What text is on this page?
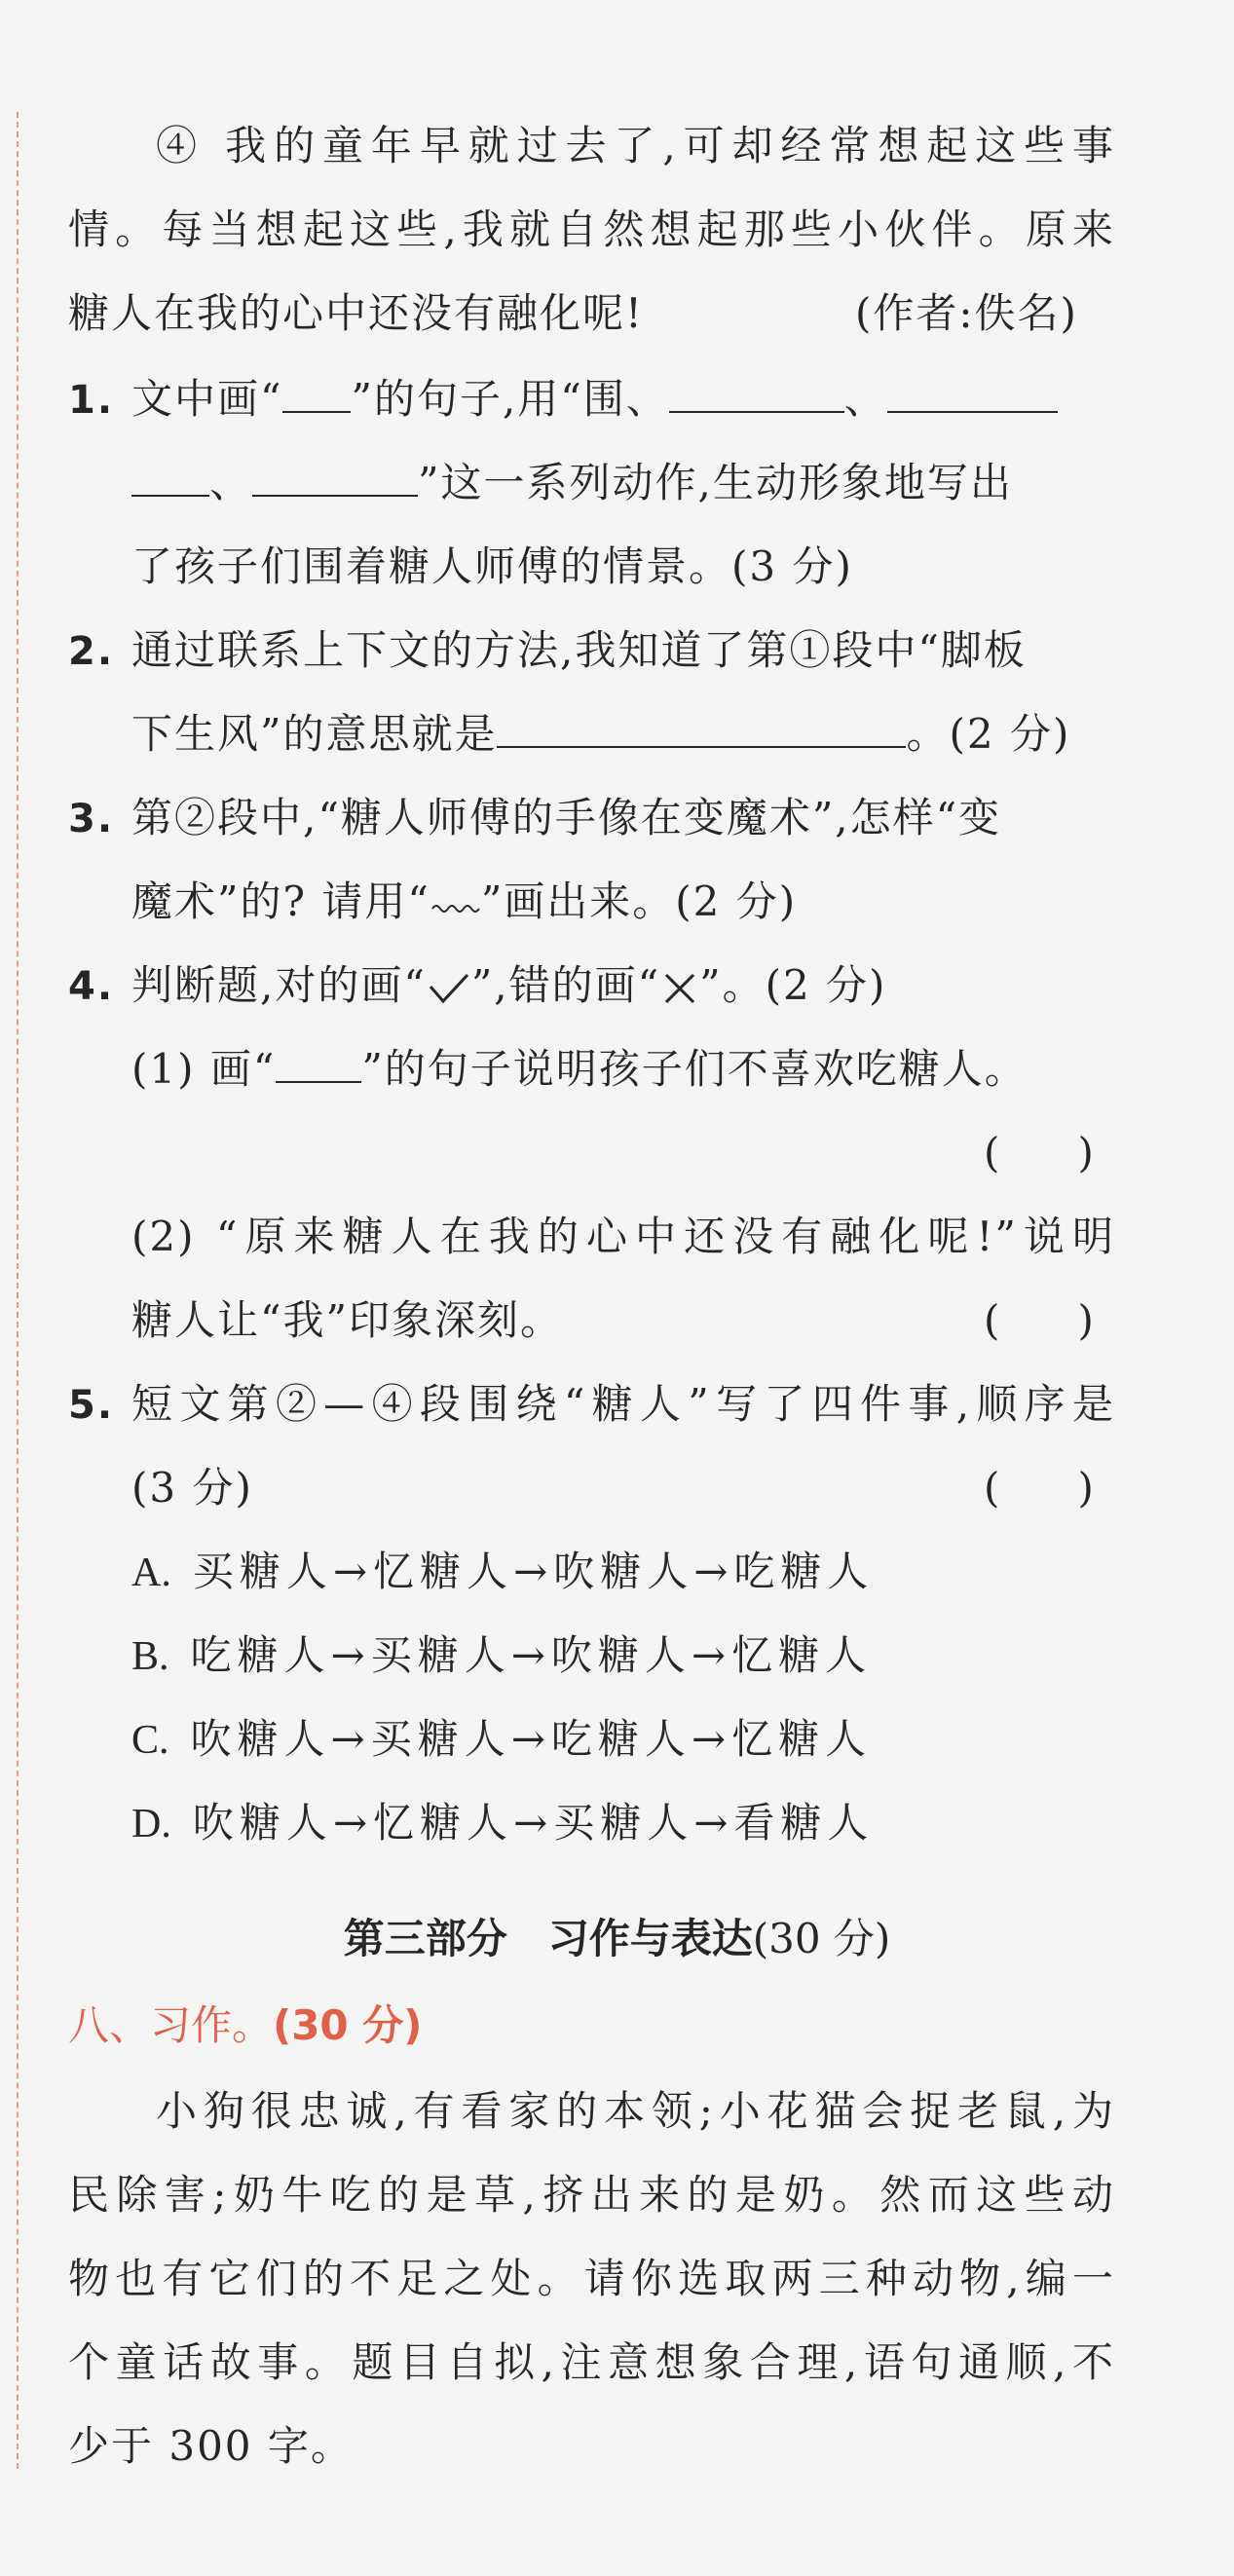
④ 我的童年早就过去了,可却经常想起这些事
情。每当想起这些,我就自然想起那些小伙伴。原来
糖人在我的心中还没有融化呢!	(作者:佚名)
1. 文中画“ ”的句子,用“围、	、
、	”这一系列动作,生动形象地写出
了孩子们围着糖人师傅的情景。(3 分)
2. 通过联系上下文的方法,我知道了第①段中“脚板
下生风”的意思就是	。(2 分)
3. 第②段中,“糖人师傅的手像在变魔术”,怎样“变
魔术”的? 请用“ ”画出来。(2 分)
4. 判断题,对的画“ ”,错的画“ ”。(2 分)
(1) 画“ ”的句子说明孩子们不喜欢吃糖人。
(      )
(2) “原来糖人在我的心中还没有融化呢!”说明
糖人让“我”印象深刻。	(      )
5. 短文第②—④段围绕“糖人”写了四件事,顺序是
(3 分)	(      )
A. 买糖人→忆糖人→吹糖人→吃糖人
B. 吃糖人→买糖人→吹糖人→忆糖人
C. 吹糖人→买糖人→吃糖人→忆糖人
D. 吹糖人→忆糖人→买糖人→看糖人
第三部分　习作与表达(30 分)
八、习作。(30 分)
小狗很忠诚,有看家的本领;小花猫会捉老鼠,为
民除害;奶牛吃的是草,挤出来的是奶。然而这些动
物也有它们的不足之处。请你选取两三种动物,编一
个童话故事。题目自拟,注意想象合理,语句通顺,不
少于 300 字。
